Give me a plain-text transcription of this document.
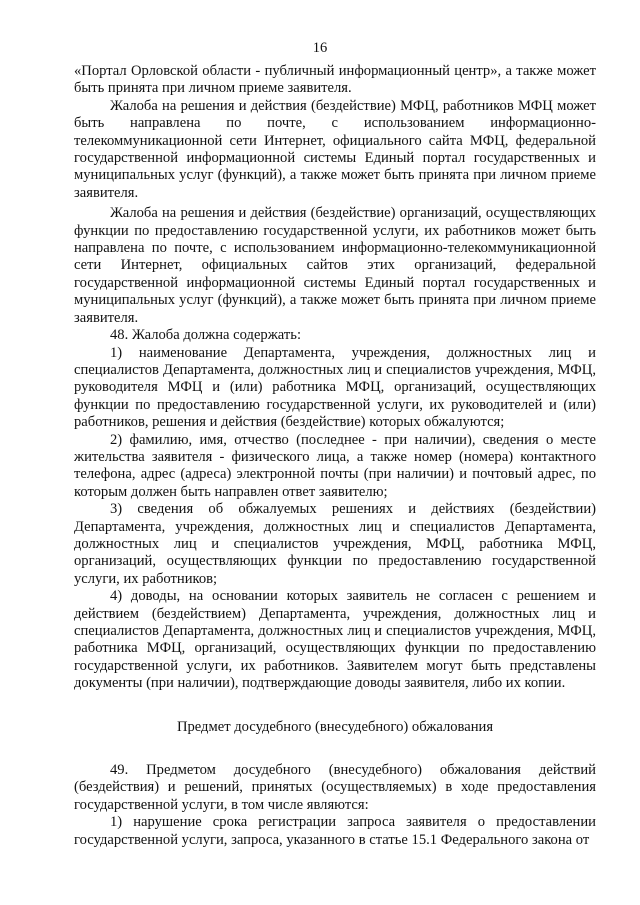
16

«Портал Орловской области - публичный информационный центр», а также может быть принята при личном приеме заявителя.

Жалоба на решения и действия (бездействие) МФЦ, работников МФЦ может быть направлена по почте, с использованием информационно-телекоммуникационной сети Интернет, официального сайта МФЦ, федеральной государственной информационной системы Единый портал государственных и муниципальных услуг (функций), а также может быть принята при личном приеме заявителя.

Жалоба на решения и действия (бездействие) организаций, осуществляющих функции по предоставлению государственной услуги, их работников может быть направлена по почте, с использованием информационно-телекоммуникационной сети Интернет, официальных сайтов этих организаций, федеральной государственной информационной системы Единый портал государственных и муниципальных услуг (функций), а также может быть принята при личном приеме заявителя.

48. Жалоба должна содержать:

1) наименование Департамента, учреждения, должностных лиц и специалистов Департамента, должностных лиц и специалистов учреждения, МФЦ, руководителя МФЦ и (или) работника МФЦ, организаций, осуществляющих функции по предоставлению государственной услуги, их руководителей и (или) работников, решения и действия (бездействие) которых обжалуются;

2) фамилию, имя, отчество (последнее - при наличии), сведения о месте жительства заявителя - физического лица, а также номер (номера) контактного телефона, адрес (адреса) электронной почты (при наличии) и почтовый адрес, по которым должен быть направлен ответ заявителю;

3) сведения об обжалуемых решениях и действиях (бездействии) Департамента, учреждения, должностных лиц и специалистов Департамента, должностных лиц и специалистов учреждения, МФЦ, работника МФЦ, организаций, осуществляющих функции по предоставлению государственной услуги, их работников;

4) доводы, на основании которых заявитель не согласен с решением и действием (бездействием) Департамента, учреждения, должностных лиц и специалистов Департамента, должностных лиц и специалистов учреждения, МФЦ, работника МФЦ, организаций, осуществляющих функции по предоставлению государственной услуги, их работников. Заявителем могут быть представлены документы (при наличии), подтверждающие доводы заявителя, либо их копии.

Предмет досудебного (внесудебного) обжалования

49. Предметом досудебного (внесудебного) обжалования действий (бездействия) и решений, принятых (осуществляемых) в ходе предоставления государственной услуги, в том числе являются:

1) нарушение срока регистрации запроса заявителя о предоставлении государственной услуги, запроса, указанного в статье 15.1 Федерального закона от
